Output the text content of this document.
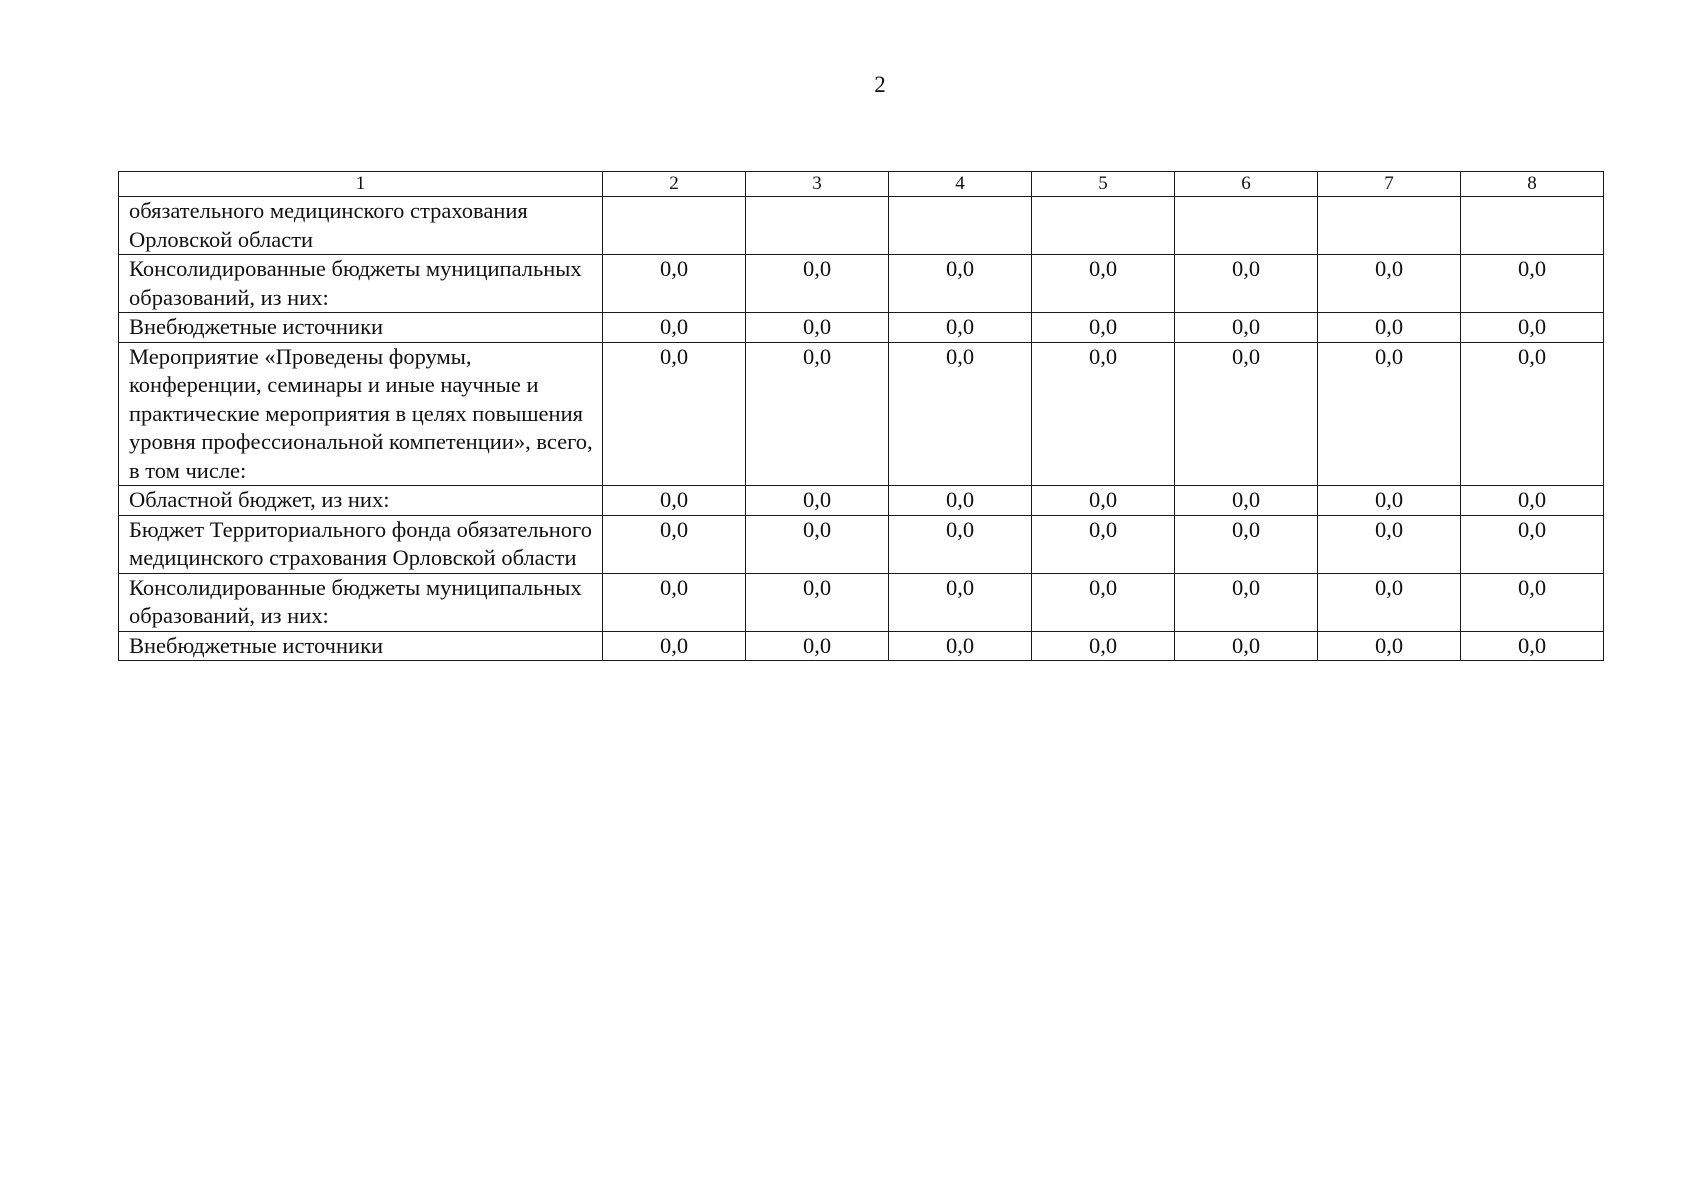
2
1	2	3	4	5	6	7	8
обязательного медицинского страхования Орловской области							
Консолидированные бюджеты муниципальных образований, из них:	0,0	0,0	0,0	0,0	0,0	0,0	0,0
Внебюджетные источники	0,0	0,0	0,0	0,0	0,0	0,0	0,0
Мероприятие «Проведены форумы, конференции, семинары и иные научные и практические мероприятия в целях повышения уровня профессиональной компетенции», всего, в том числе:	0,0	0,0	0,0	0,0	0,0	0,0	0,0
Областной бюджет, из них:	0,0	0,0	0,0	0,0	0,0	0,0	0,0
Бюджет Территориального фонда обязательного медицинского страхования Орловской области	0,0	0,0	0,0	0,0	0,0	0,0	0,0
Консолидированные бюджеты муниципальных образований, из них:	0,0	0,0	0,0	0,0	0,0	0,0	0,0
Внебюджетные источники	0,0	0,0	0,0	0,0	0,0	0,0	0,0
